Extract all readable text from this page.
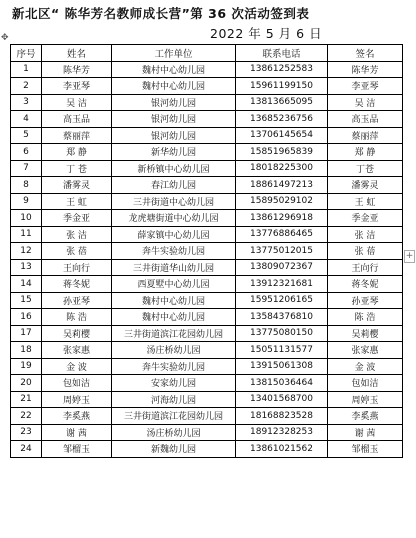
新北区“ 陈华芳名教师成长营”第 36 次活动签到表
2022 年 5 月 6 日
✥
+
序号	姓名	工作单位	联系电话	签名
1	陈华芳	魏村中心幼儿园	13861252583	陈华芳
2	李亚琴	魏村中心幼儿园	15961199150	李亚琴
3	吴 洁	银河幼儿园	13813665095	吴 洁
4	高玉品	银河幼儿园	13685236756	高玉品
5	蔡丽萍	银河幼儿园	13706145654	蔡丽萍
6	郑 静	新华幼儿园	15851965839	郑 静
7	丁 苍	新桥镇中心幼儿园	18018225300	丁苍
8	潘雾灵	春江幼儿园	18861497213	潘雾灵
9	王 虹	三井街道中心幼儿园	15895029102	王 虹
10	季金亚	龙虎塘街道中心幼儿园	13861296918	季金亚
11	张 洁	薛家镇中心幼儿园	13776886465	张 洁
12	张 蓓	奔牛实验幼儿园	13775012015	张 蓓
13	王向行	三井街道华山幼儿园	13809072367	王向行
14	蒋冬妮	西夏墅中心幼儿园	13912321681	蒋冬妮
15	孙亚琴	魏村中心幼儿园	15951206165	孙亚琴
16	陈 浩	魏村中心幼儿园	13584376810	陈 浩
17	吴莉樱	三井街道滨江花园幼儿园	13775080150	吴莉樱
18	张家惠	汤庄桥幼儿园	15051131577	张家惠
19	金 波	奔牛实验幼儿园	13915061308	金 波
20	包如洁	安家幼儿园	13815036464	包如洁
21	周婷玉	河海幼儿园	13401568700	周婷玉
22	李奚燕	三井街道滨江花园幼儿园	18168823528	李奚燕
23	谢 茜	汤庄桥幼儿园	18912328253	谢 茜
24	邹榴玉	新魏幼儿园	13861021562	邹榴玉
